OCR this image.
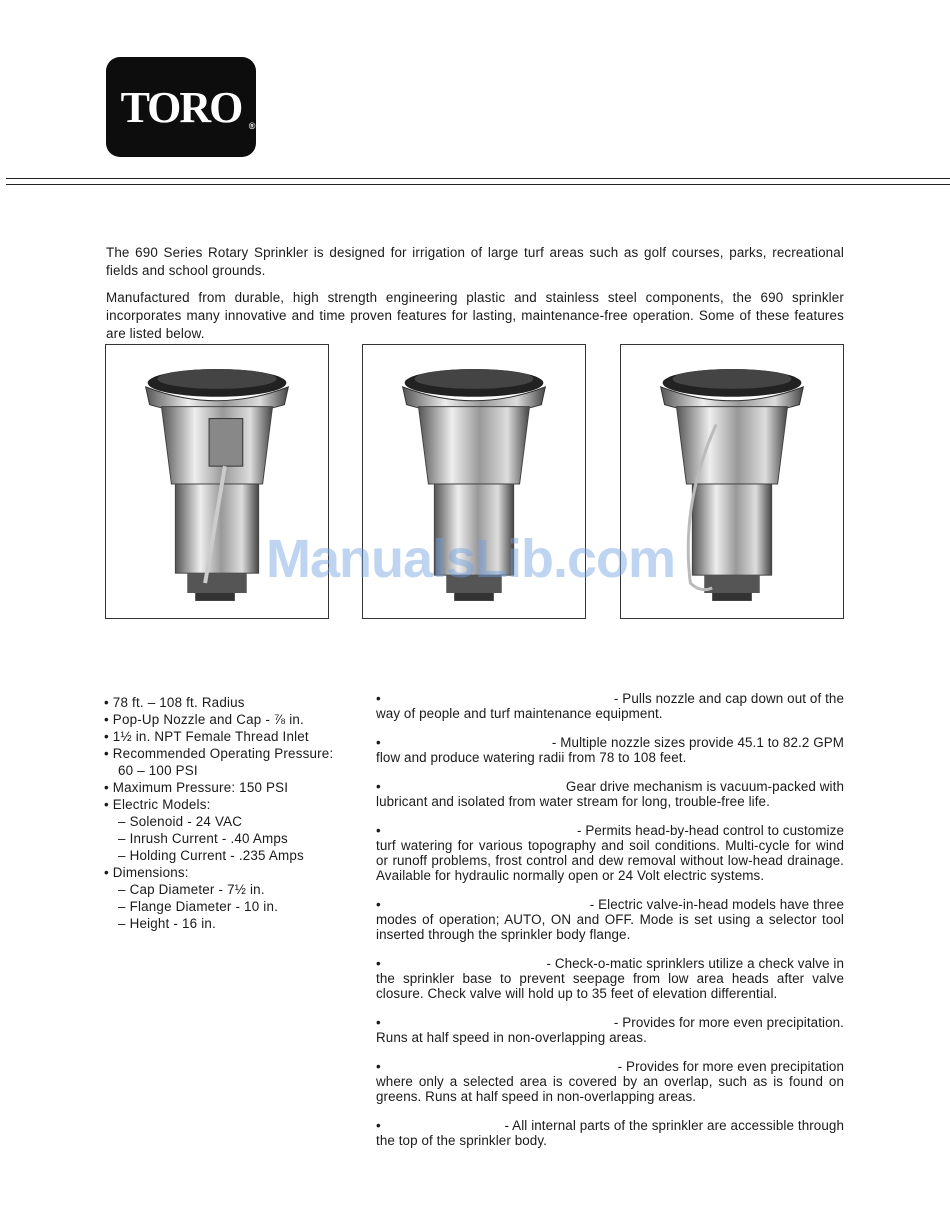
TORO ®

The 690 Series Rotary Sprinkler is designed for irrigation of large turf areas such as golf courses, parks, recreational fields and school grounds.

Manufactured from durable, high strength engineering plastic and stainless steel components, the 690 sprinkler incorporates many innovative and time proven features for lasting, maintenance-free operation. Some of these features are listed below.

ManualsLib.com
• 78 ft. – 108 ft. Radius
• Pop-Up Nozzle and Cap - ⅞ in.
• 1½ in. NPT Female Thread Inlet
• Recommended Operating Pressure: 60 – 100 PSI
• Maximum Pressure: 150 PSI
• Electric Models:
– Solenoid - 24 VAC
– Inrush Current - .40 Amps
– Holding Current - .235 Amps
• Dimensions:
– Cap Diameter - 7½ in.
– Flange Diameter - 10 in.
– Height - 16 in.
•	- Pulls nozzle and cap down out of the
way of people and turf maintenance equipment.
•	- Multiple nozzle sizes provide 45.1 to 82.2 GPM
flow and produce watering radii from 78 to 108 feet.
•	Gear drive mechanism is vacuum-packed with
lubricant and isolated from water stream for long, trouble-free life.
•	- Permits head-by-head control to customize
turf watering for various topography and soil conditions. Multi-cycle for wind or runoff problems, frost control and dew removal without low-head drainage. Available for hydraulic normally open or 24 Volt electric systems.
•	- Electric valve-in-head models have three
modes of operation; AUTO, ON and OFF. Mode is set using a selector tool inserted through the sprinkler body flange.
•	- Check-o-matic sprinklers utilize a check valve in
the sprinkler base to prevent seepage from low area heads after valve closure. Check valve will hold up to 35 feet of elevation differential.
•	- Provides for more even precipitation.
Runs at half speed in non-overlapping areas.
•	- Provides for more even precipitation
where only a selected area is covered by an overlap, such as is found on greens. Runs at half speed in non-overlapping areas.
•	- All internal parts of the sprinkler are accessible through
the top of the sprinkler body.
